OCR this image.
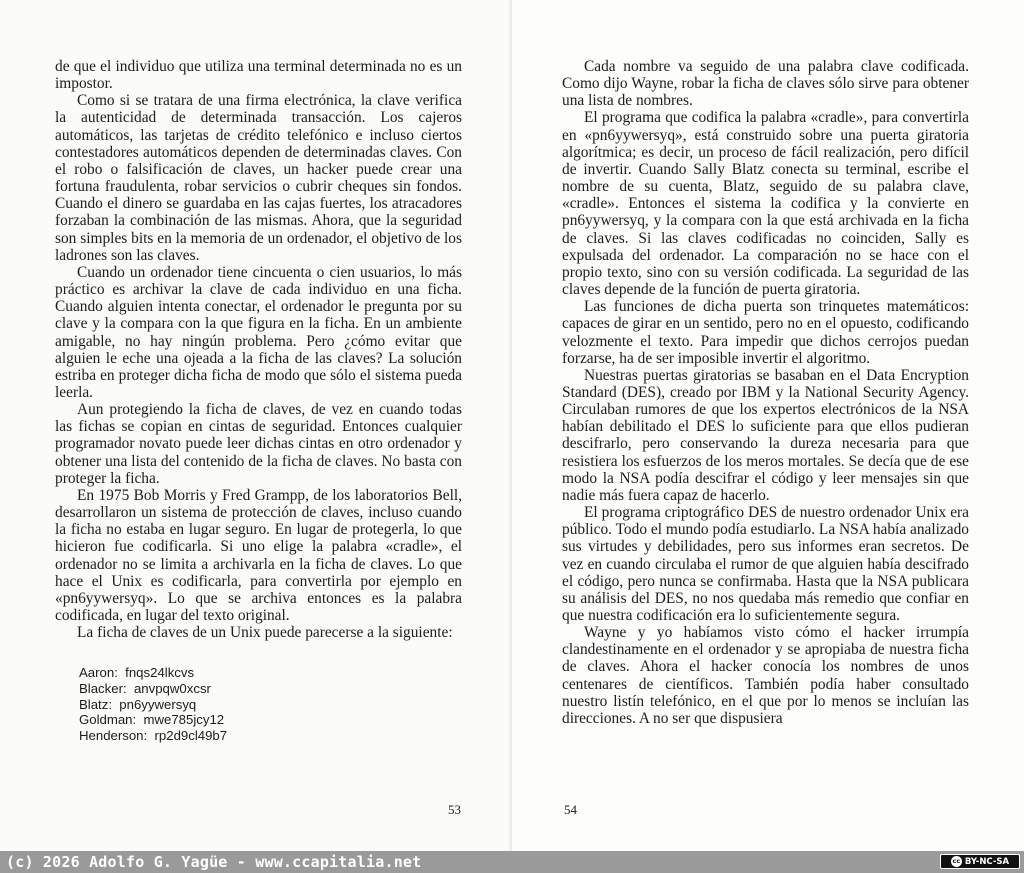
de que el individuo que utiliza una terminal determinada no es un impostor.

Como si se tratara de una firma electrónica, la clave verifica la autenticidad de determinada transacción. Los cajeros automáticos, las tarjetas de crédito telefónico e incluso ciertos contestadores automáticos dependen de determinadas claves. Con el robo o falsificación de claves, un hacker puede crear una fortuna fraudulenta, robar servicios o cubrir cheques sin fondos. Cuando el dinero se guardaba en las cajas fuertes, los atracadores forzaban la combinación de las mismas. Ahora, que la seguridad son simples bits en la memoria de un ordenador, el objetivo de los ladrones son las claves.

Cuando un ordenador tiene cincuenta o cien usuarios, lo más práctico es archivar la clave de cada individuo en una ficha. Cuando alguien intenta conectar, el ordenador le pregunta por su clave y la compara con la que figura en la ficha. En un ambiente amigable, no hay ningún problema. Pero ¿cómo evitar que alguien le eche una ojeada a la ficha de las claves? La solución estriba en proteger dicha ficha de modo que sólo el sistema pueda leerla.

Aun protegiendo la ficha de claves, de vez en cuando todas las fichas se copian en cintas de seguridad. Entonces cualquier programador novato puede leer dichas cintas en otro ordenador y obtener una lista del contenido de la ficha de claves. No basta con proteger la ficha.

En 1975 Bob Morris y Fred Grampp, de los laboratorios Bell, desarrollaron un sistema de protección de claves, incluso cuando la ficha no estaba en lugar seguro. En lugar de protegerla, lo que hicieron fue codificarla. Si uno elige la palabra «cradle», el ordenador no se limita a archivarla en la ficha de claves. Lo que hace el Unix es codificarla, para convertirla por ejemplo en «pn6yywersyq». Lo que se archiva entonces es la palabra codificada, en lugar del texto original.

La ficha de claves de un Unix puede parecerse a la siguiente:

Aaron:  fnqs24lkcvs
Blacker:  anvpqw0xcsr
Blatz:  pn6yywersyq
Goldman:  mwe785jcy12
Henderson:  rp2d9cl49b7
53

Cada nombre va seguido de una palabra clave codificada. Como dijo Wayne, robar la ficha de claves sólo sirve para obtener una lista de nombres.

El programa que codifica la palabra «cradle», para convertirla en «pn6yywersyq», está construido sobre una puerta giratoria algorítmica; es decir, un proceso de fácil realización, pero difícil de invertir. Cuando Sally Blatz conecta su terminal, escribe el nombre de su cuenta, Blatz, seguido de su palabra clave, «cradle». Entonces el sistema la codifica y la convierte en pn6yywersyq, y la compara con la que está archivada en la ficha de claves. Si las claves codificadas no coinciden, Sally es expulsada del ordenador. La comparación no se hace con el propio texto, sino con su versión codificada. La seguridad de las claves depende de la función de puerta giratoria.

Las funciones de dicha puerta son trinquetes matemáticos: capaces de girar en un sentido, pero no en el opuesto, codificando velozmente el texto. Para impedir que dichos cerrojos puedan forzarse, ha de ser imposible invertir el algoritmo.

Nuestras puertas giratorias se basaban en el Data Encryption Standard (DES), creado por IBM y la National Security Agency. Circulaban rumores de que los expertos electrónicos de la NSA habían debilitado el DES lo suficiente para que ellos pudieran descifrarlo, pero conservando la dureza necesaria para que resistiera los esfuerzos de los meros mortales. Se decía que de ese modo la NSA podía descifrar el código y leer mensajes sin que nadie más fuera capaz de hacerlo.

El programa criptográfico DES de nuestro ordenador Unix era público. Todo el mundo podía estudiarlo. La NSA había analizado sus virtudes y debilidades, pero sus informes eran secretos. De vez en cuando circulaba el rumor de que alguien había descifrado el código, pero nunca se confirmaba. Hasta que la NSA publicara su análisis del DES, no nos quedaba más remedio que confiar en que nuestra codificación era lo suficientemente segura.

Wayne y yo habíamos visto cómo el hacker irrumpía clandestinamente en el ordenador y se apropiaba de nuestra ficha de claves. Ahora el hacker conocía los nombres de unos centenares de científicos. También podía haber consultado nuestro listín telefónico, en el que por lo menos se incluían las direcciones. A no ser que dispusiera

54
(c) 2026 Adolfo G. Yagüe - www.ccapitalia.net	cc BY-NC-SA
